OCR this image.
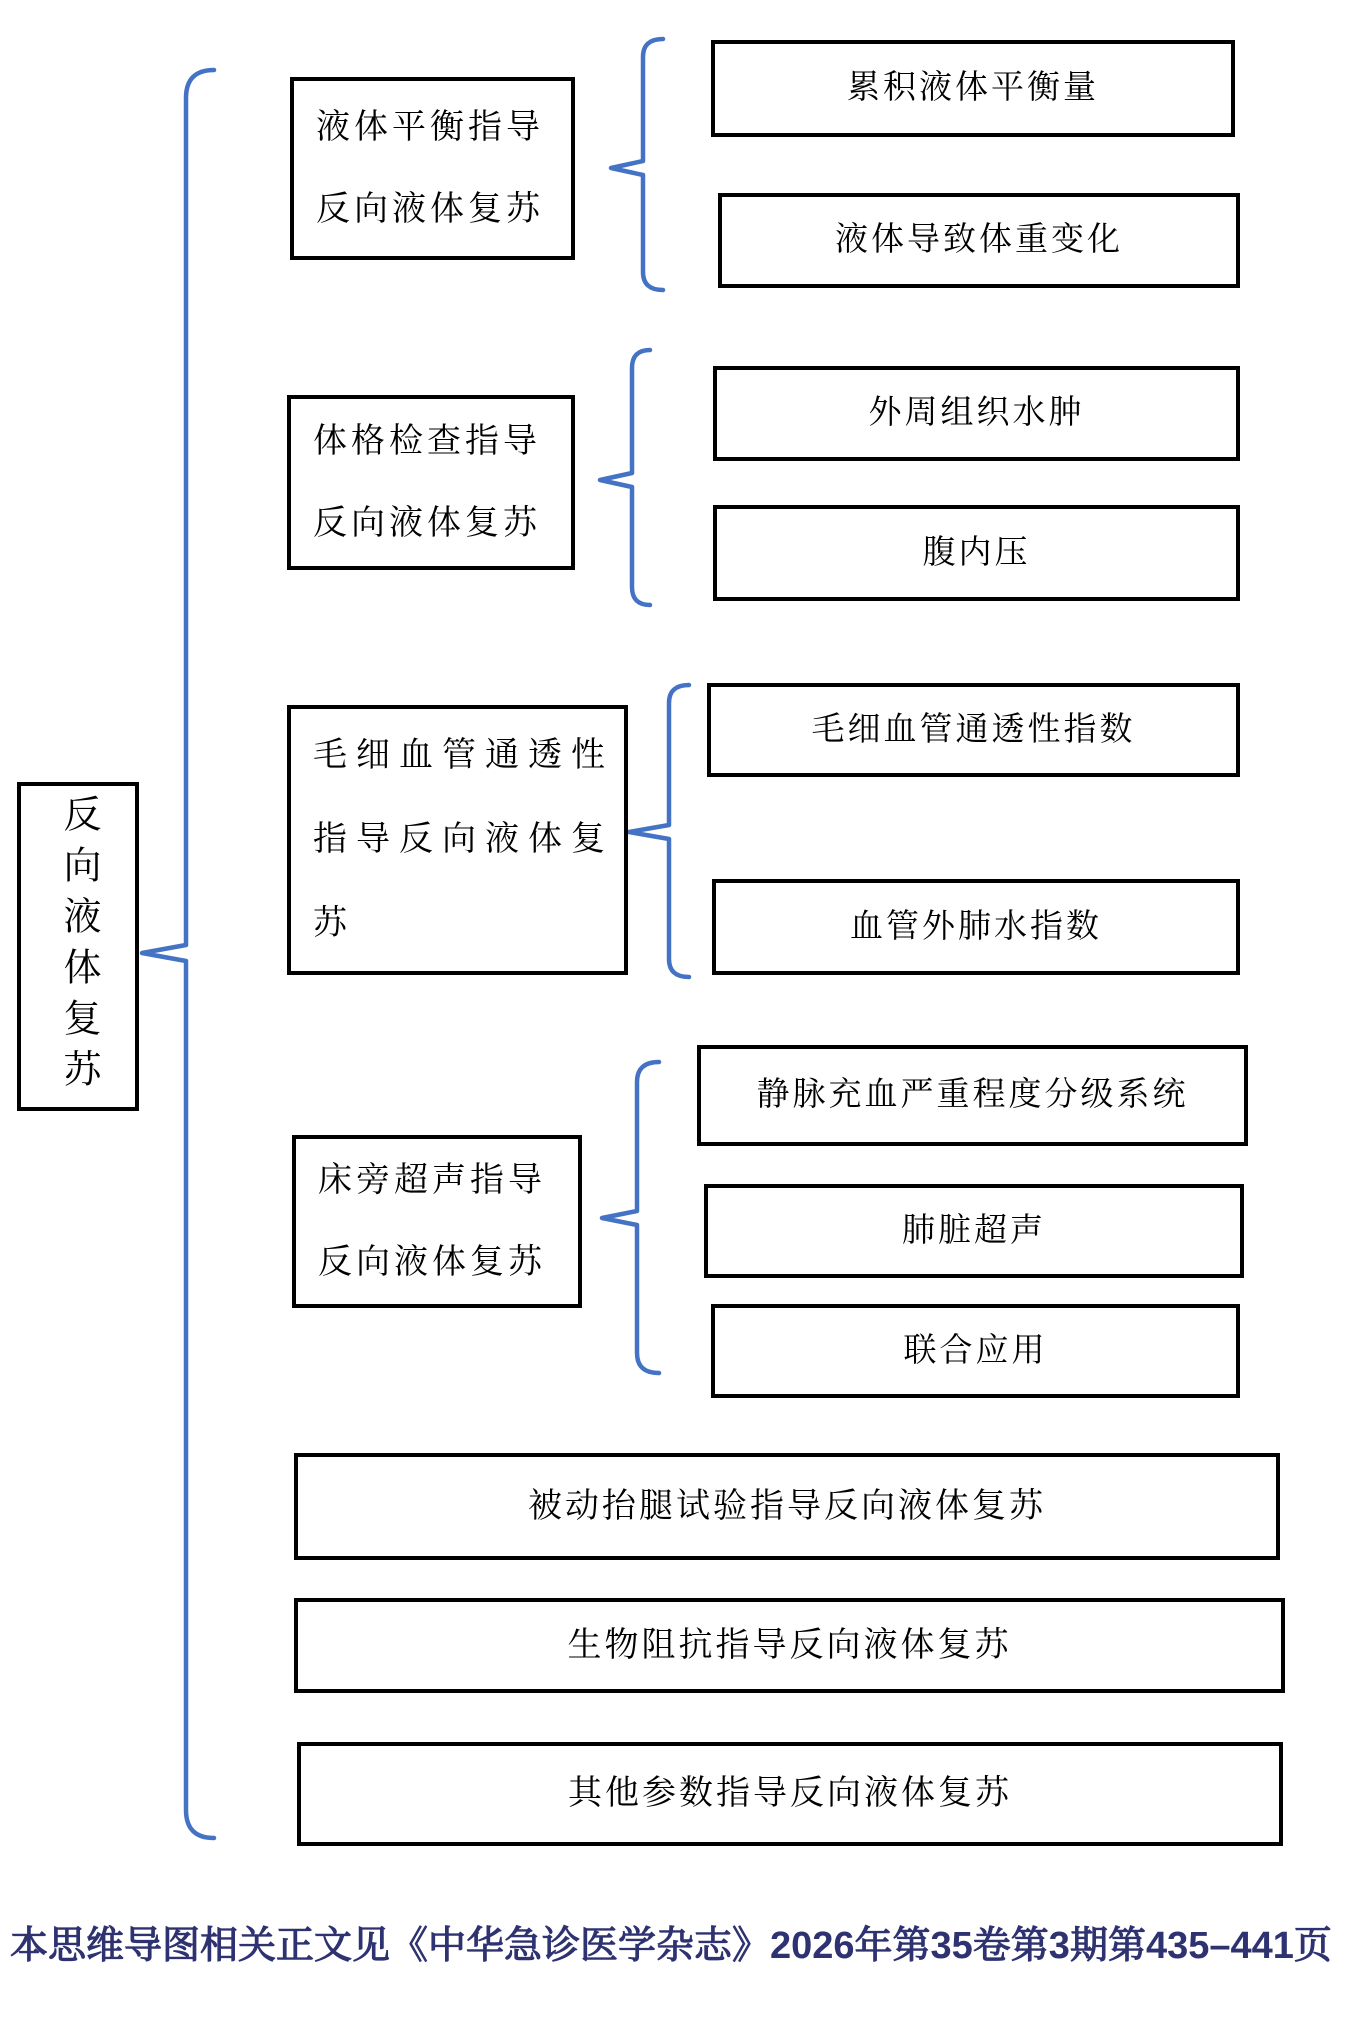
反向液体复苏
液体平衡指导
反向液体复苏
累积液体平衡量
液体导致体重变化
体格检查指导
反向液体复苏
外周组织水肿
腹内压
毛细血管通透性
指导反向液体复
苏
毛细血管通透性指数
血管外肺水指数
床旁超声指导
反向液体复苏
静脉充血严重程度分级系统
肺脏超声
联合应用
被动抬腿试验指导反向液体复苏
生物阻抗指导反向液体复苏
其他参数指导反向液体复苏
本思维导图相关正文见《中华急诊医学杂志》2026年第35卷第3期第435–441页
